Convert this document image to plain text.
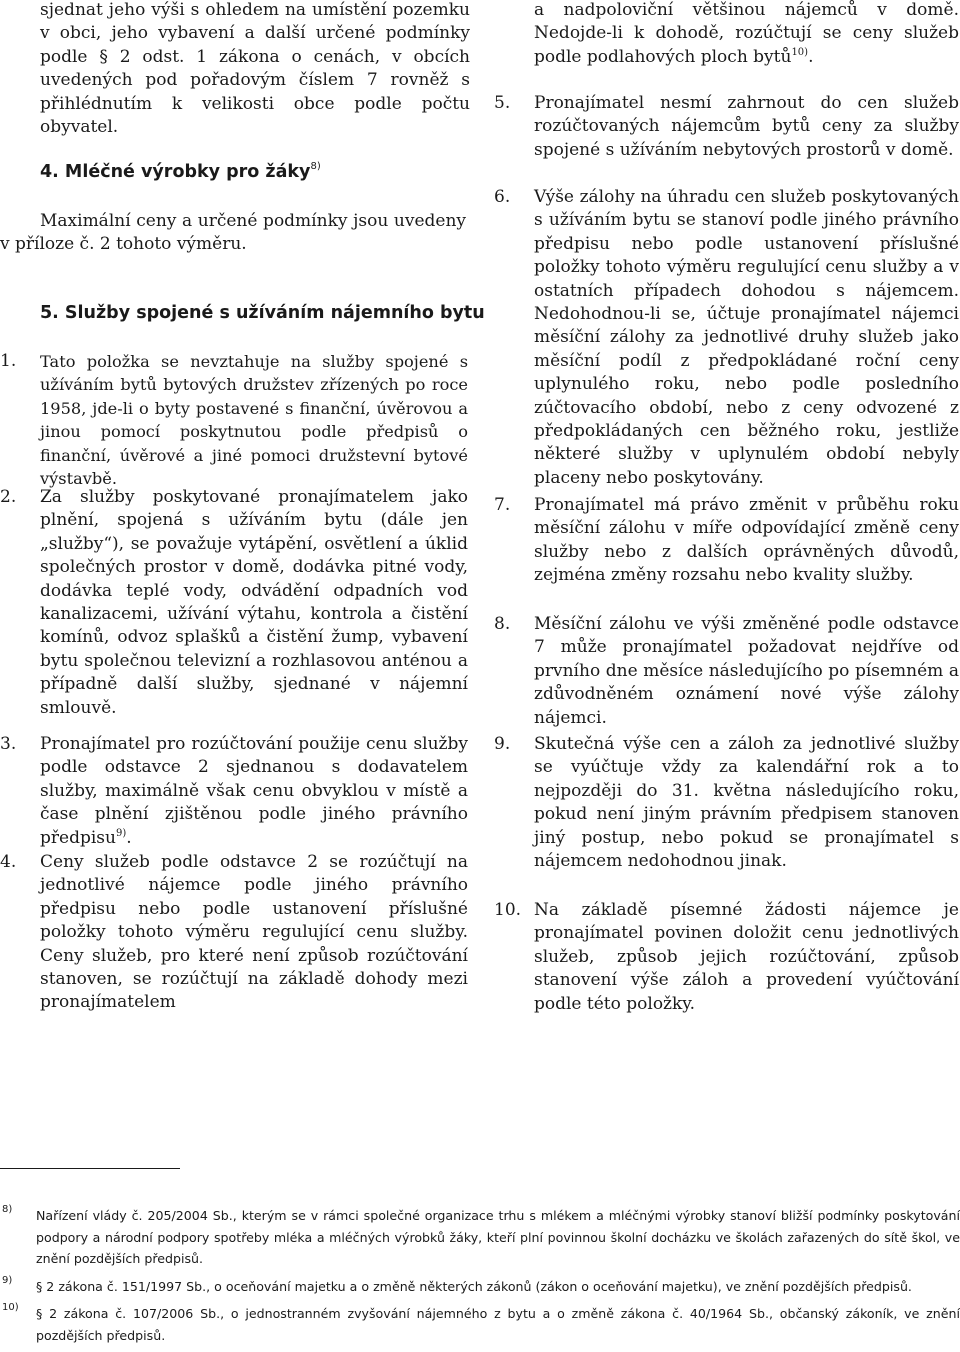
sjednat jeho výši s ohledem na umístění pozemku v obci, jeho vybavení a další určené podmínky podle § 2 odst. 1 zákona o cenách, v obcích uvedených pod pořadovým číslem 7 rovněž s přihlédnutím k velikosti obce podle počtu obyvatel.

4. Mléčné výrobky pro žáky$^{8)}$

Maximální ceny a určené podmínky jsou uvedeny v příloze č. 2 tohoto výměru.

5. Služby spojené s užíváním nájemního bytu
1. Tato položka se nevztahuje na služby spojené s užíváním bytů bytových družstev zřízených po roce 1958, jde-li o byty postavené s finanční, úvěrovou a jinou pomocí poskytnutou podle předpisů o finanční, úvěrové a jiné pomoci družstevní bytové výstavbě.

2. Za služby poskytované pronajímatelem jako plnění, spojená s užíváním bytu (dále jen „služby“), se považuje vytápění, osvětlení a úklid společných prostor v domě, dodávka pitné vody, dodávka teplé vody, odvádění odpadních vod kanalizacemi, užívání výtahu, kontrola a čistění komínů, odvoz splašků a čistění žump, vybavení bytu společnou televizní a rozhlasovou anténou a případně další služby, sjednané v nájemní smlouvě.

3. Pronajímatel pro rozúčtování použije cenu služby podle odstavce 2 sjednanou s dodavatelem služby, maximálně však cenu obvyklou v místě a čase plnění zjištěnou podle jiného právního předpisu$^{9)}$.

4. Ceny služeb podle odstavce 2 se rozúčtují na jednotlivé nájemce podle jiného právního předpisu nebo podle ustanovení příslušné položky tohoto výměru regulující cenu služby. Ceny služeb, pro které není způsob rozúčtování stanoven, se rozúčtují na základě dohody mezi pronajímatelem

a nadpoloviční většinou nájemců v domě. Nedojde-li k dohodě, rozúčtují se ceny služeb podle podlahových ploch bytů$^{10)}$.

5. Pronajímatel nesmí zahrnout do cen služeb rozúčtovaných nájemcům bytů ceny za služby spojené s užíváním nebytových prostorů v domě.

6. Výše zálohy na úhradu cen služeb poskytovaných s užíváním bytu se stanoví podle jiného právního předpisu nebo podle ustanovení příslušné položky tohoto výměru regulující cenu služby a v ostatních případech dohodou s nájemcem. Nedohodnou-li se, účtuje pronajímatel nájemci měsíční zálohy za jednotlivé druhy služeb jako měsíční podíl z předpokládané roční ceny uplynulého roku, nebo podle posledního zúčtovacího období, nebo z ceny odvozené z předpokládaných cen běžného roku, jestliže některé služby v uplynulém období nebyly placeny nebo poskytovány.

7. Pronajímatel má právo změnit v průběhu roku měsíční zálohu v míře odpovídající změně ceny služby nebo z dalších oprávněných důvodů, zejména změny rozsahu nebo kvality služby.

8. Měsíční zálohu ve výši změněné podle odstavce 7 může pronajímatel požadovat nejdříve od prvního dne měsíce následujícího po písemném a zdůvodněném oznámení nové výše zálohy nájemci.

9. Skutečná výše cen a záloh za jednotlivé služby se vyúčtuje vždy za kalendářní rok a to nejpozději do 31. května následujícího roku, pokud není jiným právním předpisem stanoven jiný postup, nebo pokud se pronajímatel s nájemcem nedohodnou jinak.

10. Na základě písemné žádosti nájemce je pronajímatel povinen doložit cenu jednotlivých služeb, způsob jejich rozúčtování, způsob stanovení výše záloh a provedení vyúčtování podle této položky.

8) Nařízení vlády č. 205/2004 Sb., kterým se v rámci společné organizace trhu s mlékem a mléčnými výrobky stanoví bližší podmínky poskytování podpory a národní podpory spotřeby mléka a mléčných výrobků žáky, kteří plní povinnou školní docházku ve školách zařazených do sítě škol, ve znění pozdějších předpisů.
9) § 2 zákona č. 151/1997 Sb., o oceňování majetku a o změně některých zákonů (zákon o oceňování majetku), ve znění pozdějších předpisů.
10) § 2 zákona č. 107/2006 Sb., o jednostranném zvyšování nájemného z bytu a o změně zákona č. 40/1964 Sb., občanský zákoník, ve znění pozdějších předpisů.
